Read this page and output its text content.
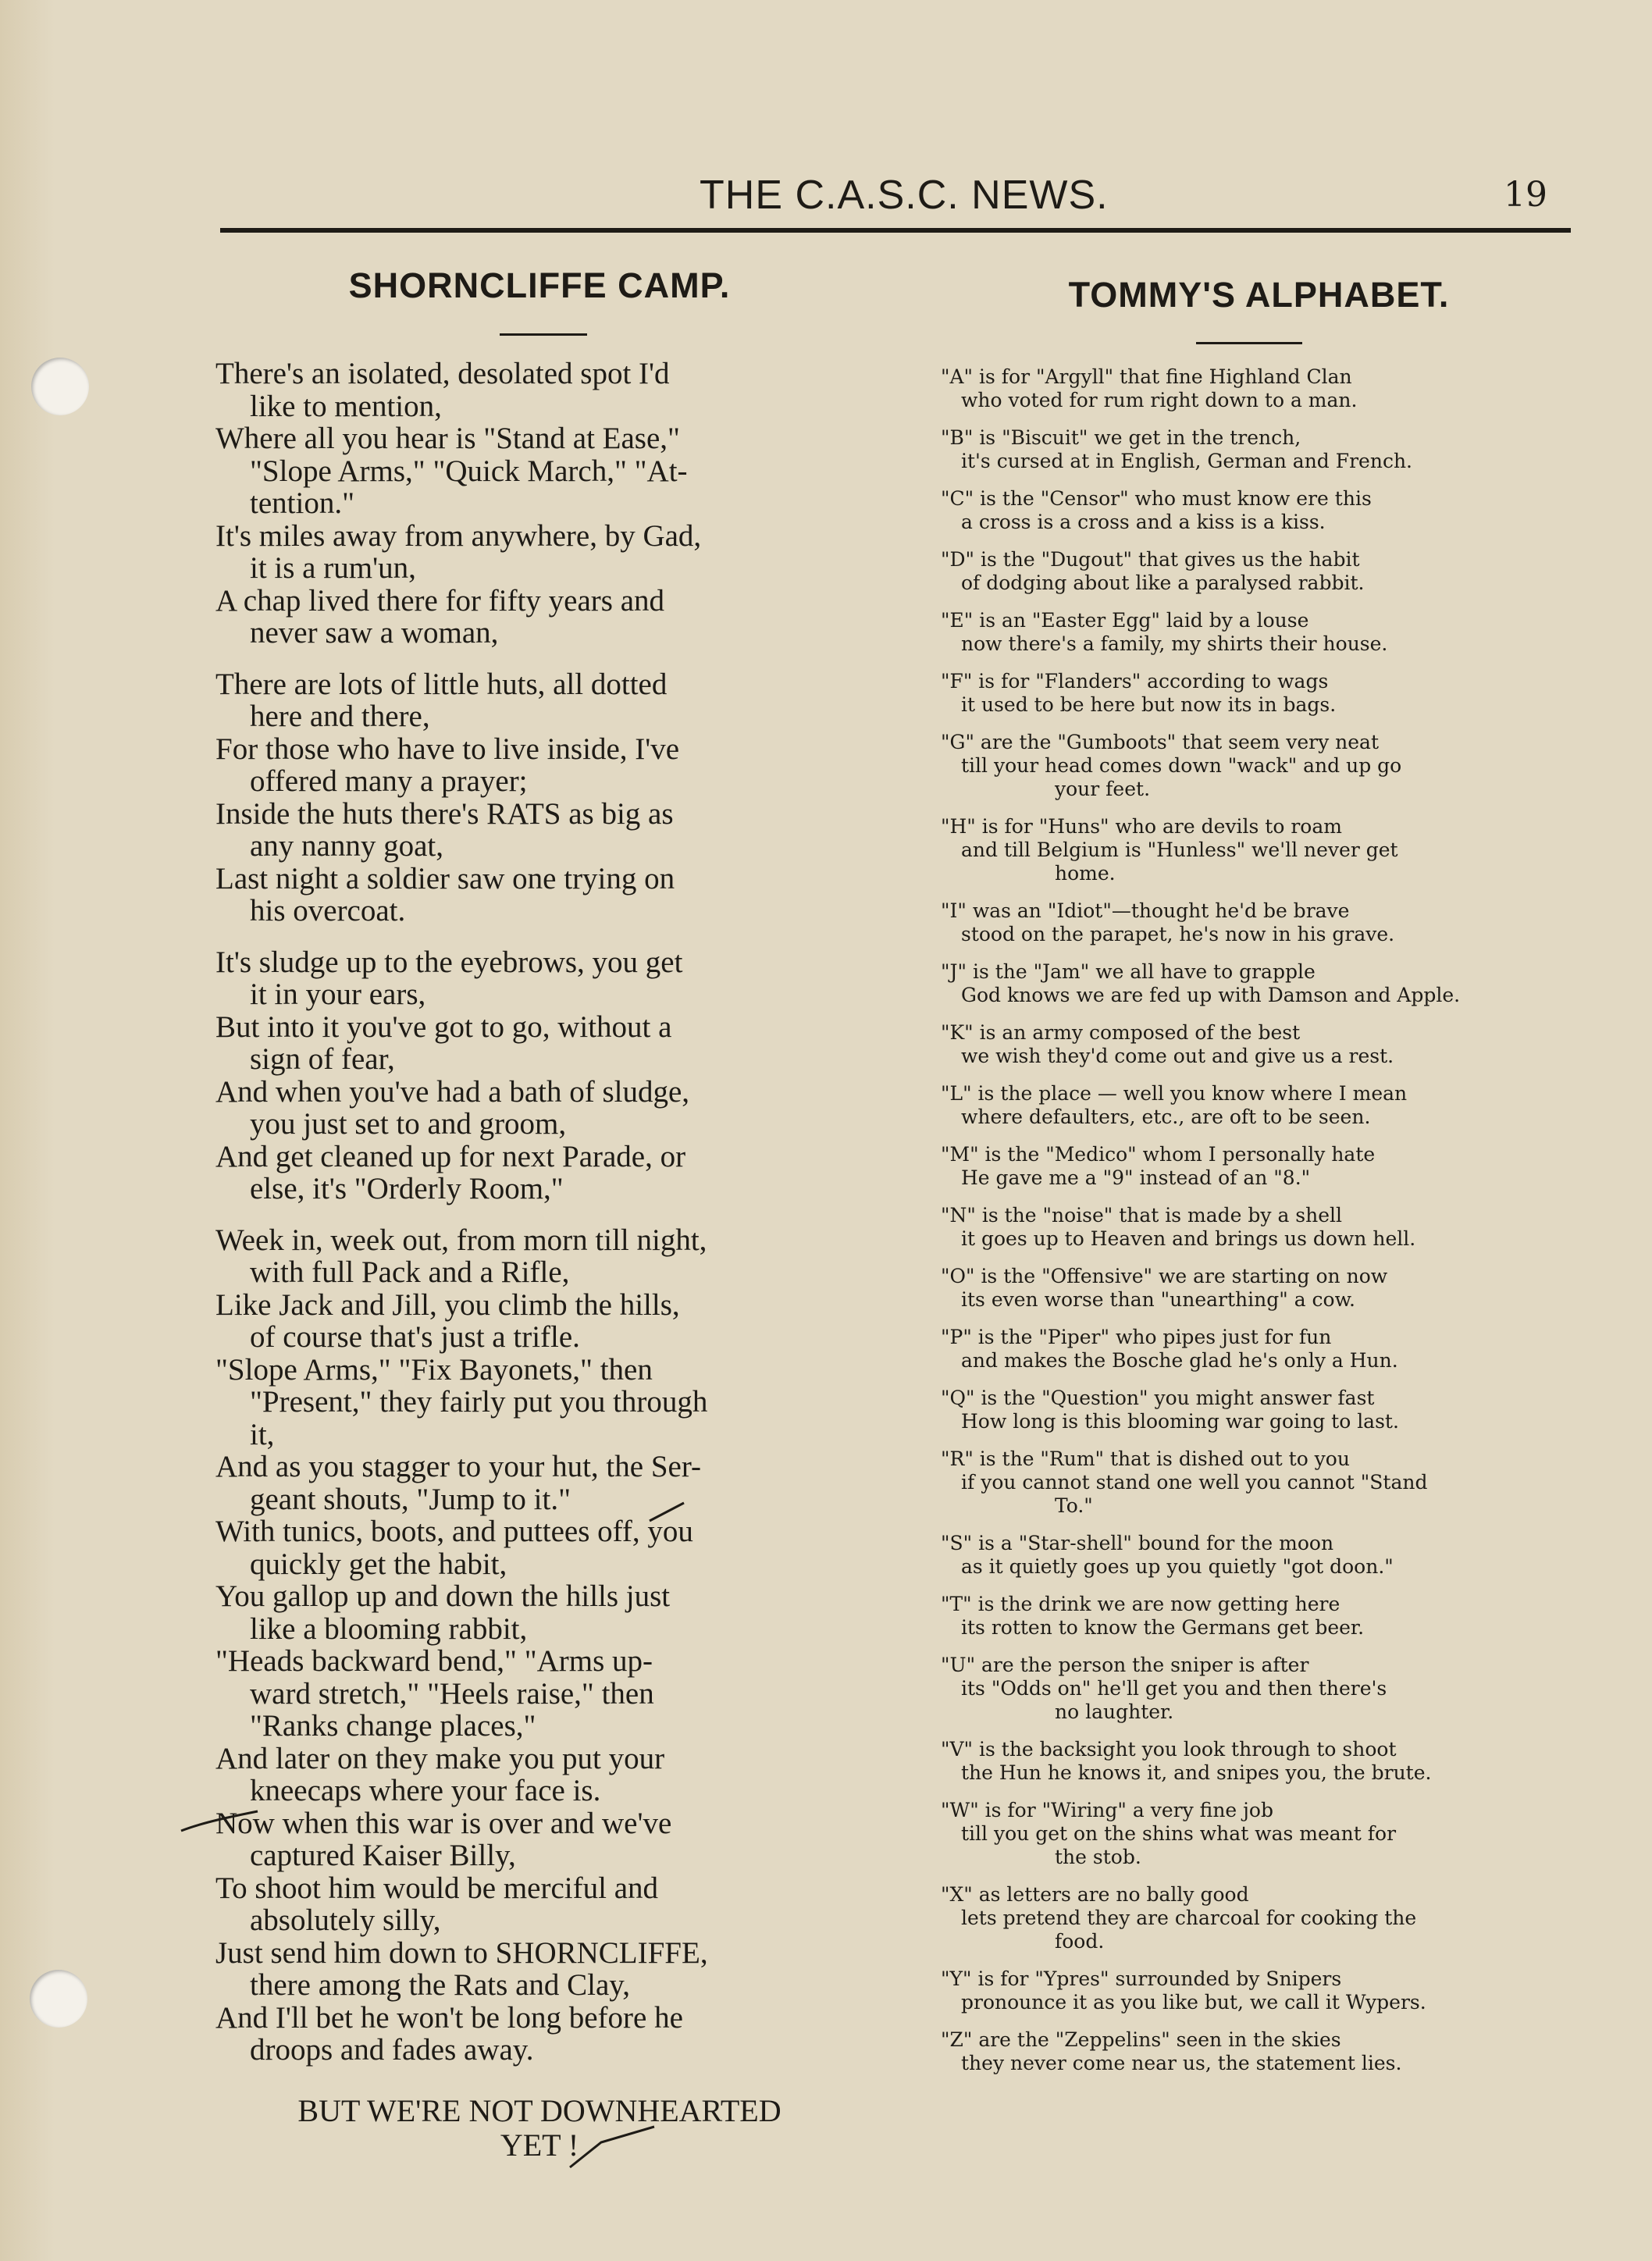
THE C.A.S.C. NEWS.	19
SHORNCLIFFE CAMP.	TOMMY'S ALPHABET.
There's an isolated, desolated spot I'd
like to mention,
Where all you hear is "Stand at Ease,"
"Slope Arms," "Quick March," "At-
tention."
It's miles away from anywhere, by Gad,
it is a rum'un,
A chap lived there for fifty years and
never saw a woman,
There are lots of little huts, all dotted
here and there,
For those who have to live inside, I've
offered many a prayer;
Inside the huts there's RATS as big as
any nanny goat,
Last night a soldier saw one trying on
his overcoat.
It's sludge up to the eyebrows, you get
it in your ears,
But into it you've got to go, without a
sign of fear,
And when you've had a bath of sludge,
you just set to and groom,
And get cleaned up for next Parade, or
else, it's "Orderly Room,"
Week in, week out, from morn till night,
with full Pack and a Rifle,
Like Jack and Jill, you climb the hills,
of course that's just a trifle.
"Slope Arms," "Fix Bayonets," then
"Present," they fairly put you through
it,
And as you stagger to your hut, the Ser-
geant shouts, "Jump to it."
With tunics, boots, and puttees off, you
quickly get the habit,
You gallop up and down the hills just
like a blooming rabbit,
"Heads backward bend," "Arms up-
ward stretch," "Heels raise," then
"Ranks change places,"
And later on they make you put your
kneecaps where your face is.
Now when this war is over and we've
captured Kaiser Billy,
To shoot him would be merciful and
absolutely silly,
Just send him down to SHORNCLIFFE,
there among the Rats and Clay,
And I'll bet he won't be long before he
droops and fades away.
BUT WE'RE NOT DOWNHEARTED
YET !
"A" is for "Argyll" that fine Highland Clan
who voted for rum right down to a man.
"B" is "Biscuit" we get in the trench,
it's cursed at in English, German and French.
"C" is the "Censor" who must know ere this
a cross is a cross and a kiss is a kiss.
"D" is the "Dugout" that gives us the habit
of dodging about like a paralysed rabbit.
"E" is an "Easter Egg" laid by a louse
now there's a family, my shirts their house.
"F" is for "Flanders" according to wags
it used to be here but now its in bags.
"G" are the "Gumboots" that seem very neat
till your head comes down "wack" and up go
your feet.
"H" is for "Huns" who are devils to roam
and till Belgium is "Hunless" we'll never get
home.
"I" was an "Idiot"—thought he'd be brave
stood on the parapet, he's now in his grave.
"J" is the "Jam" we all have to grapple
God knows we are fed up with Damson and Apple.
"K" is an army composed of the best
we wish they'd come out and give us a rest.
"L" is the place — well you know where I mean
where defaulters, etc., are oft to be seen.
"M" is the "Medico" whom I personally hate
He gave me a "9" instead of an "8."
"N" is the "noise" that is made by a shell
it goes up to Heaven and brings us down hell.
"O" is the "Offensive" we are starting on now
its even worse than "unearthing" a cow.
"P" is the "Piper" who pipes just for fun
and makes the Bosche glad he's only a Hun.
"Q" is the "Question" you might answer fast
How long is this blooming war going to last.
"R" is the "Rum" that is dished out to you
if you cannot stand one well you cannot "Stand
To."
"S" is a "Star-shell" bound for the moon
as it quietly goes up you quietly "got doon."
"T" is the drink we are now getting here
its rotten to know the Germans get beer.
"U" are the person the sniper is after
its "Odds on" he'll get you and then there's
no laughter.
"V" is the backsight you look through to shoot
the Hun he knows it, and snipes you, the brute.
"W" is for "Wiring" a very fine job
till you get on the shins what was meant for
the stob.
"X" as letters are no bally good
lets pretend they are charcoal for cooking the
food.
"Y" is for "Ypres" surrounded by Snipers
pronounce it as you like but, we call it Wypers.
"Z" are the "Zeppelins" seen in the skies
they never come near us, the statement lies.
